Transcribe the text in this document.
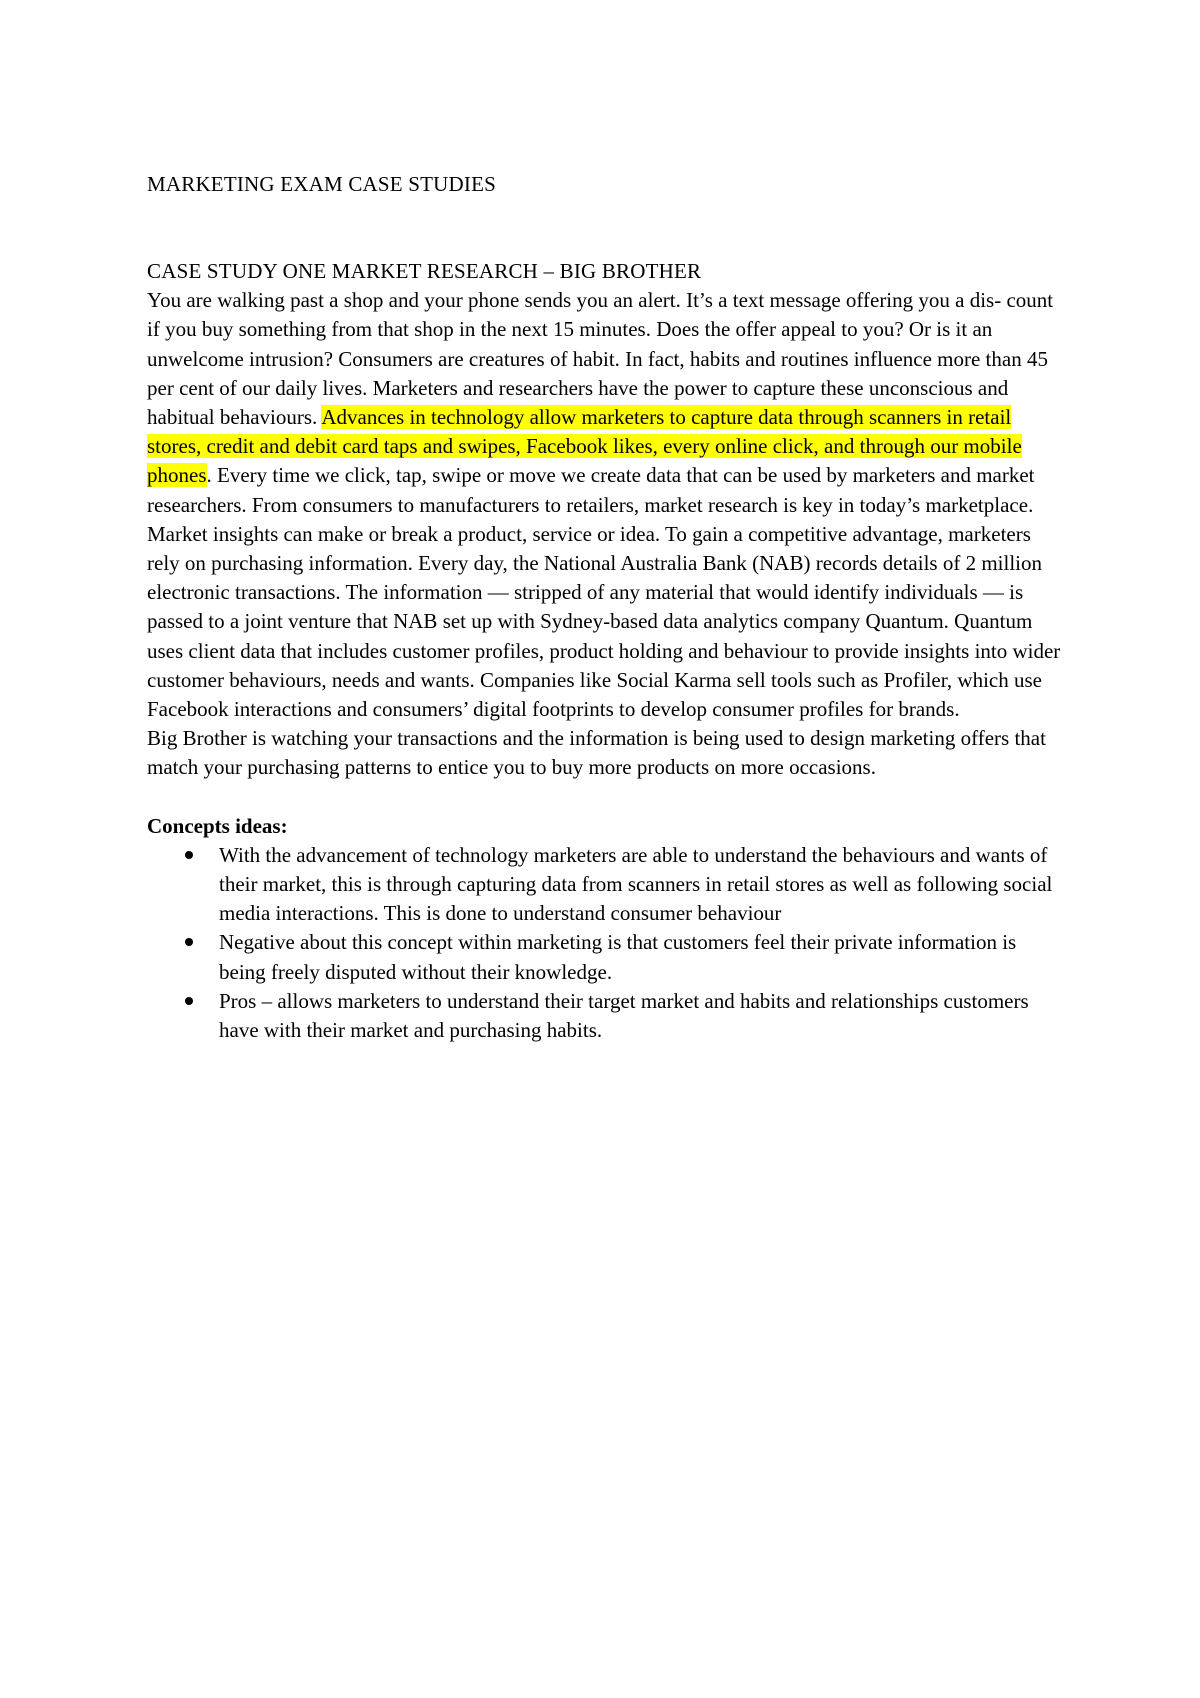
MARKETING EXAM CASE STUDIES

CASE STUDY ONE MARKET RESEARCH – BIG BROTHER

You are walking past a shop and your phone sends you an alert. It’s a text message offering you a dis- count if you buy something from that shop in the next 15 minutes. Does the offer appeal to you? Or is it an unwelcome intrusion? Consumers are creatures of habit. In fact, habits and routines influence more than 45 per cent of our daily lives. Marketers and researchers have the power to capture these unconscious and habitual behaviours. Advances in technology allow marketers to capture data through scanners in retail stores, credit and debit card taps and swipes, Facebook likes, every online click, and through our mobile phones. Every time we click, tap, swipe or move we create data that can be used by marketers and market researchers. From consumers to manufacturers to retailers, market research is key in today’s marketplace. Market insights can make or break a product, service or idea. To gain a competitive advantage, marketers rely on purchasing information. Every day, the National Australia Bank (NAB) records details of 2 million electronic transactions. The information — stripped of any material that would identify individuals — is passed to a joint venture that NAB set up with Sydney-based data analytics company Quantum. Quantum uses client data that includes customer profiles, product holding and behaviour to provide insights into wider customer behaviours, needs and wants. Companies like Social Karma sell tools such as Profiler, which use Facebook interactions and consumers’ digital footprints to develop consumer profiles for brands.

Big Brother is watching your transactions and the information is being used to design marketing offers that match your purchasing patterns to entice you to buy more products on more occasions.

Concepts ideas:

With the advancement of technology marketers are able to understand the behaviours and wants of their market, this is through capturing data from scanners in retail stores as well as following social media interactions. This is done to understand consumer behaviour
Negative about this concept within marketing is that customers feel their private information is being freely disputed without their knowledge.
Pros – allows marketers to understand their target market and habits and relationships customers have with their market and purchasing habits.
